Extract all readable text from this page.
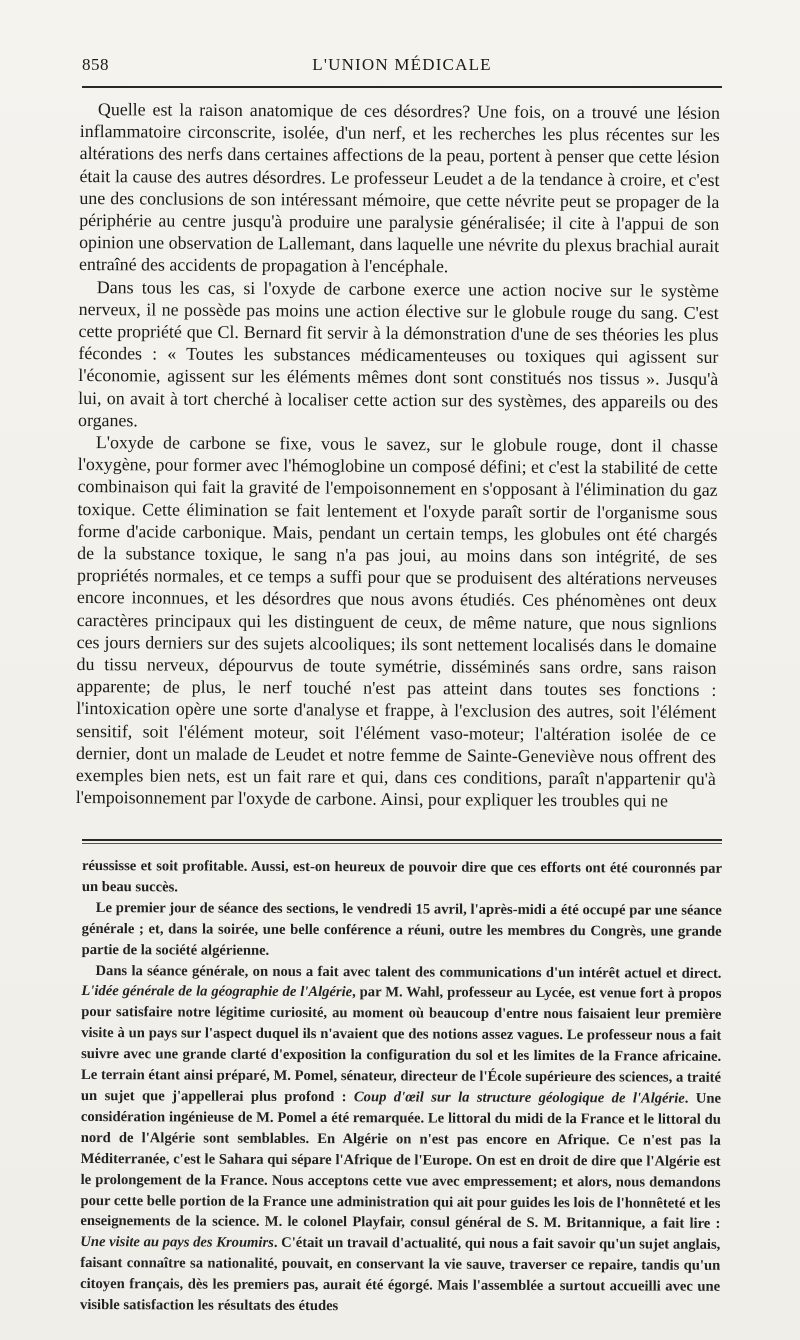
858	L'UNION MÉDICALE

Quelle est la raison anatomique de ces désordres? Une fois, on a trouvé une lésion inflammatoire circonscrite, isolée, d'un nerf, et les recherches les plus récentes sur les altérations des nerfs dans certaines affections de la peau, portent à penser que cette lésion était la cause des autres désordres. Le professeur Leudet a de la tendance à croire, et c'est une des conclusions de son intéressant mémoire, que cette névrite peut se propager de la périphérie au centre jusqu'à produire une paralysie généralisée; il cite à l'appui de son opinion une observation de Lallemant, dans laquelle une névrite du plexus brachial aurait entraîné des accidents de propagation à l'encéphale.

Dans tous les cas, si l'oxyde de carbone exerce une action nocive sur le système nerveux, il ne possède pas moins une action élective sur le globule rouge du sang. C'est cette propriété que Cl. Bernard fit servir à la démonstration d'une de ses théories les plus fécondes : « Toutes les substances médicamenteuses ou toxiques qui agissent sur l'économie, agissent sur les éléments mêmes dont sont constitués nos tissus ». Jusqu'à lui, on avait à tort cherché à localiser cette action sur des systèmes, des appareils ou des organes.

L'oxyde de carbone se fixe, vous le savez, sur le globule rouge, dont il chasse l'oxygène, pour former avec l'hémoglobine un composé défini; et c'est la stabilité de cette combinaison qui fait la gravité de l'empoisonnement en s'opposant à l'élimination du gaz toxique. Cette élimination se fait lentement et l'oxyde paraît sortir de l'organisme sous forme d'acide carbonique. Mais, pendant un certain temps, les globules ont été chargés de la substance toxique, le sang n'a pas joui, au moins dans son intégrité, de ses propriétés normales, et ce temps a suffi pour que se produisent des altérations nerveuses encore inconnues, et les désordres que nous avons étudiés. Ces phénomènes ont deux caractères principaux qui les distinguent de ceux, de même nature, que nous signlions ces jours derniers sur des sujets alcooliques; ils sont nettement localisés dans le domaine du tissu nerveux, dépourvus de toute symétrie, disséminés sans ordre, sans raison apparente; de plus, le nerf touché n'est pas atteint dans toutes ses fonctions : l'intoxication opère une sorte d'analyse et frappe, à l'exclusion des autres, soit l'élément sensitif, soit l'élément moteur, soit l'élément vaso-moteur; l'altération isolée de ce dernier, dont un malade de Leudet et notre femme de Sainte-Geneviève nous offrent des exemples bien nets, est un fait rare et qui, dans ces conditions, paraît n'appartenir qu'à l'empoisonnement par l'oxyde de carbone. Ainsi, pour expliquer les troubles qui ne

réussisse et soit profitable. Aussi, est-on heureux de pouvoir dire que ces efforts ont été couronnés par un beau succès.

Le premier jour de séance des sections, le vendredi 15 avril, l'après-midi a été occupé par une séance générale ; et, dans la soirée, une belle conférence a réuni, outre les membres du Congrès, une grande partie de la société algérienne.

Dans la séance générale, on nous a fait avec talent des communications d'un intérêt actuel et direct. L'idée générale de la géographie de l'Algérie, par M. Wahl, professeur au Lycée, est venue fort à propos pour satisfaire notre légitime curiosité, au moment où beaucoup d'entre nous faisaient leur première visite à un pays sur l'aspect duquel ils n'avaient que des notions assez vagues. Le professeur nous a fait suivre avec une grande clarté d'exposition la configuration du sol et les limites de la France africaine. Le terrain étant ainsi préparé, M. Pomel, sénateur, directeur de l'École supérieure des sciences, a traité un sujet que j'appellerai plus profond : Coup d'œil sur la structure géologique de l'Algérie. Une considération ingénieuse de M. Pomel a été remarquée. Le littoral du midi de la France et le littoral du nord de l'Algérie sont semblables. En Algérie on n'est pas encore en Afrique. Ce n'est pas la Méditerranée, c'est le Sahara qui sépare l'Afrique de l'Europe. On est en droit de dire que l'Algérie est le prolongement de la France. Nous acceptons cette vue avec empressement; et alors, nous demandons pour cette belle portion de la France une administration qui ait pour guides les lois de l'honnêteté et les enseignements de la science. M. le colonel Playfair, consul général de S. M. Britannique, a fait lire : Une visite au pays des Kroumirs. C'était un travail d'actualité, qui nous a fait savoir qu'un sujet anglais, faisant connaître sa nationalité, pouvait, en conservant la vie sauve, traverser ce repaire, tandis qu'un citoyen français, dès les premiers pas, aurait été égorgé. Mais l'assemblée a surtout accueilli avec une visible satisfaction les résultats des études
